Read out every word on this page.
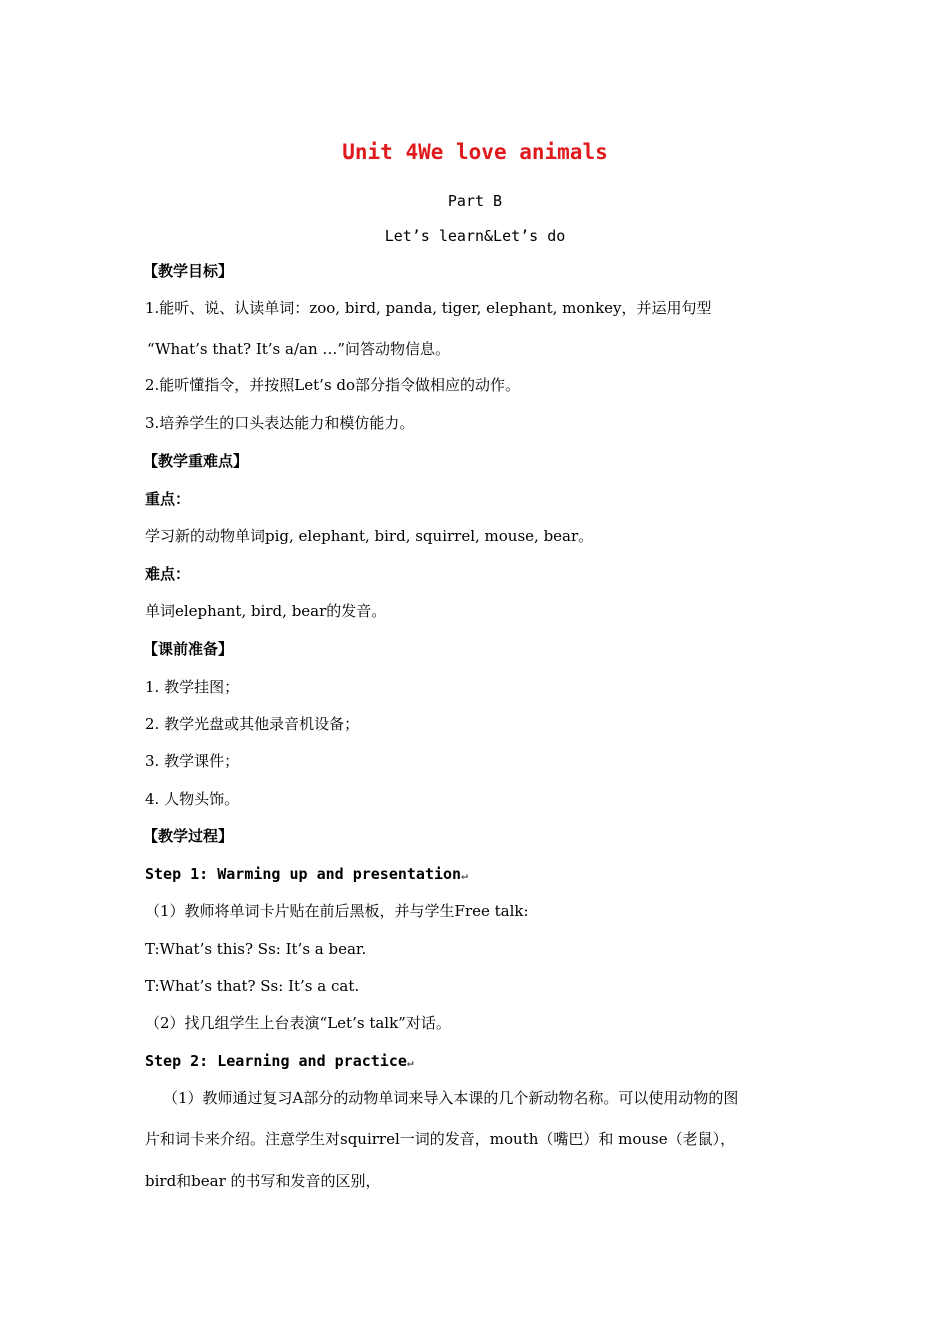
Unit 4We love animals
Part B
Let’s learn&Let’s do
【教学目标】
1.能听、说、认读单词：zoo, bird, panda, tiger, elephant, monkey，并运用句型
“What’s that? It’s a/an …”问答动物信息。
2.能听懂指令，并按照Let’s do部分指令做相应的动作。
3.培养学生的口头表达能力和模仿能力。
【教学重难点】
重点：
学习新的动物单词pig, elephant, bird, squirrel, mouse, bear。
难点：
单词elephant, bird, bear的发音。
【课前准备】
1. 教学挂图；
2. 教学光盘或其他录音机设备；
3. 教学课件；
4. 人物头饰。
【教学过程】
Step 1: Warming up and presentation↵
（1）教师将单词卡片贴在前后黑板，并与学生Free talk:
T:What’s this? Ss: It’s a bear.
T:What’s that? Ss: It’s a cat.
（2）找几组学生上台表演“Let’s talk”对话。
Step 2: Learning and practice↵
（1）教师通过复习A部分的动物单词来导入本课的几个新动物名称。可以使用动物的图
片和词卡来介绍。注意学生对squirrel一词的发音，mouth（嘴巴）和 mouse（老鼠），
bird和bear 的书写和发音的区别，
